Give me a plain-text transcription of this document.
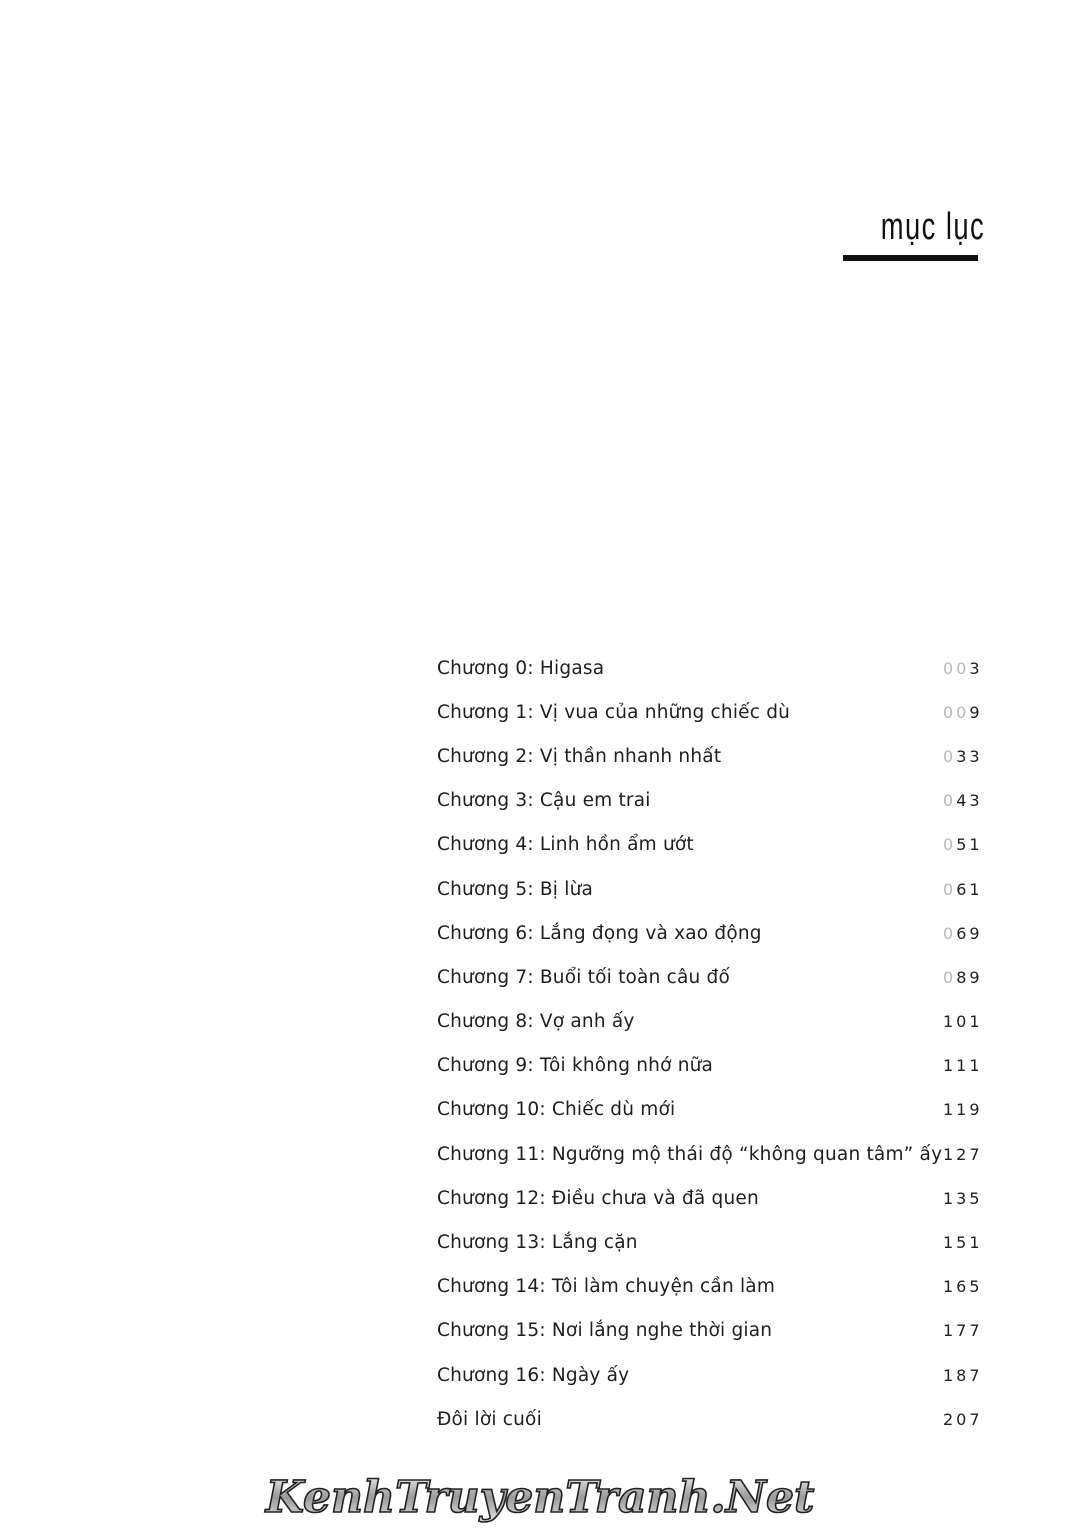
mục lục
Chương 0: Higasa	003
Chương 1: Vị vua của những chiếc dù	009
Chương 2: Vị thần nhanh nhất	033
Chương 3: Cậu em trai	043
Chương 4: Linh hồn ẩm ướt	051
Chương 5: Bị lừa	061
Chương 6: Lắng đọng và xao động	069
Chương 7: Buổi tối toàn câu đố	089
Chương 8: Vợ anh ấy	101
Chương 9: Tôi không nhớ nữa	111
Chương 10: Chiếc dù mới	119
Chương 11: Ngưỡng mộ thái độ “không quan tâm” ấy 127
Chương 12: Điều chưa và đã quen	135
Chương 13: Lắng cặn	151
Chương 14: Tôi làm chuyện cần làm	165
Chương 15: Nơi lắng nghe thời gian	177
Chương 16: Ngày ấy	187
Đôi lời cuối	207
KenhTruyenTranh.Net
